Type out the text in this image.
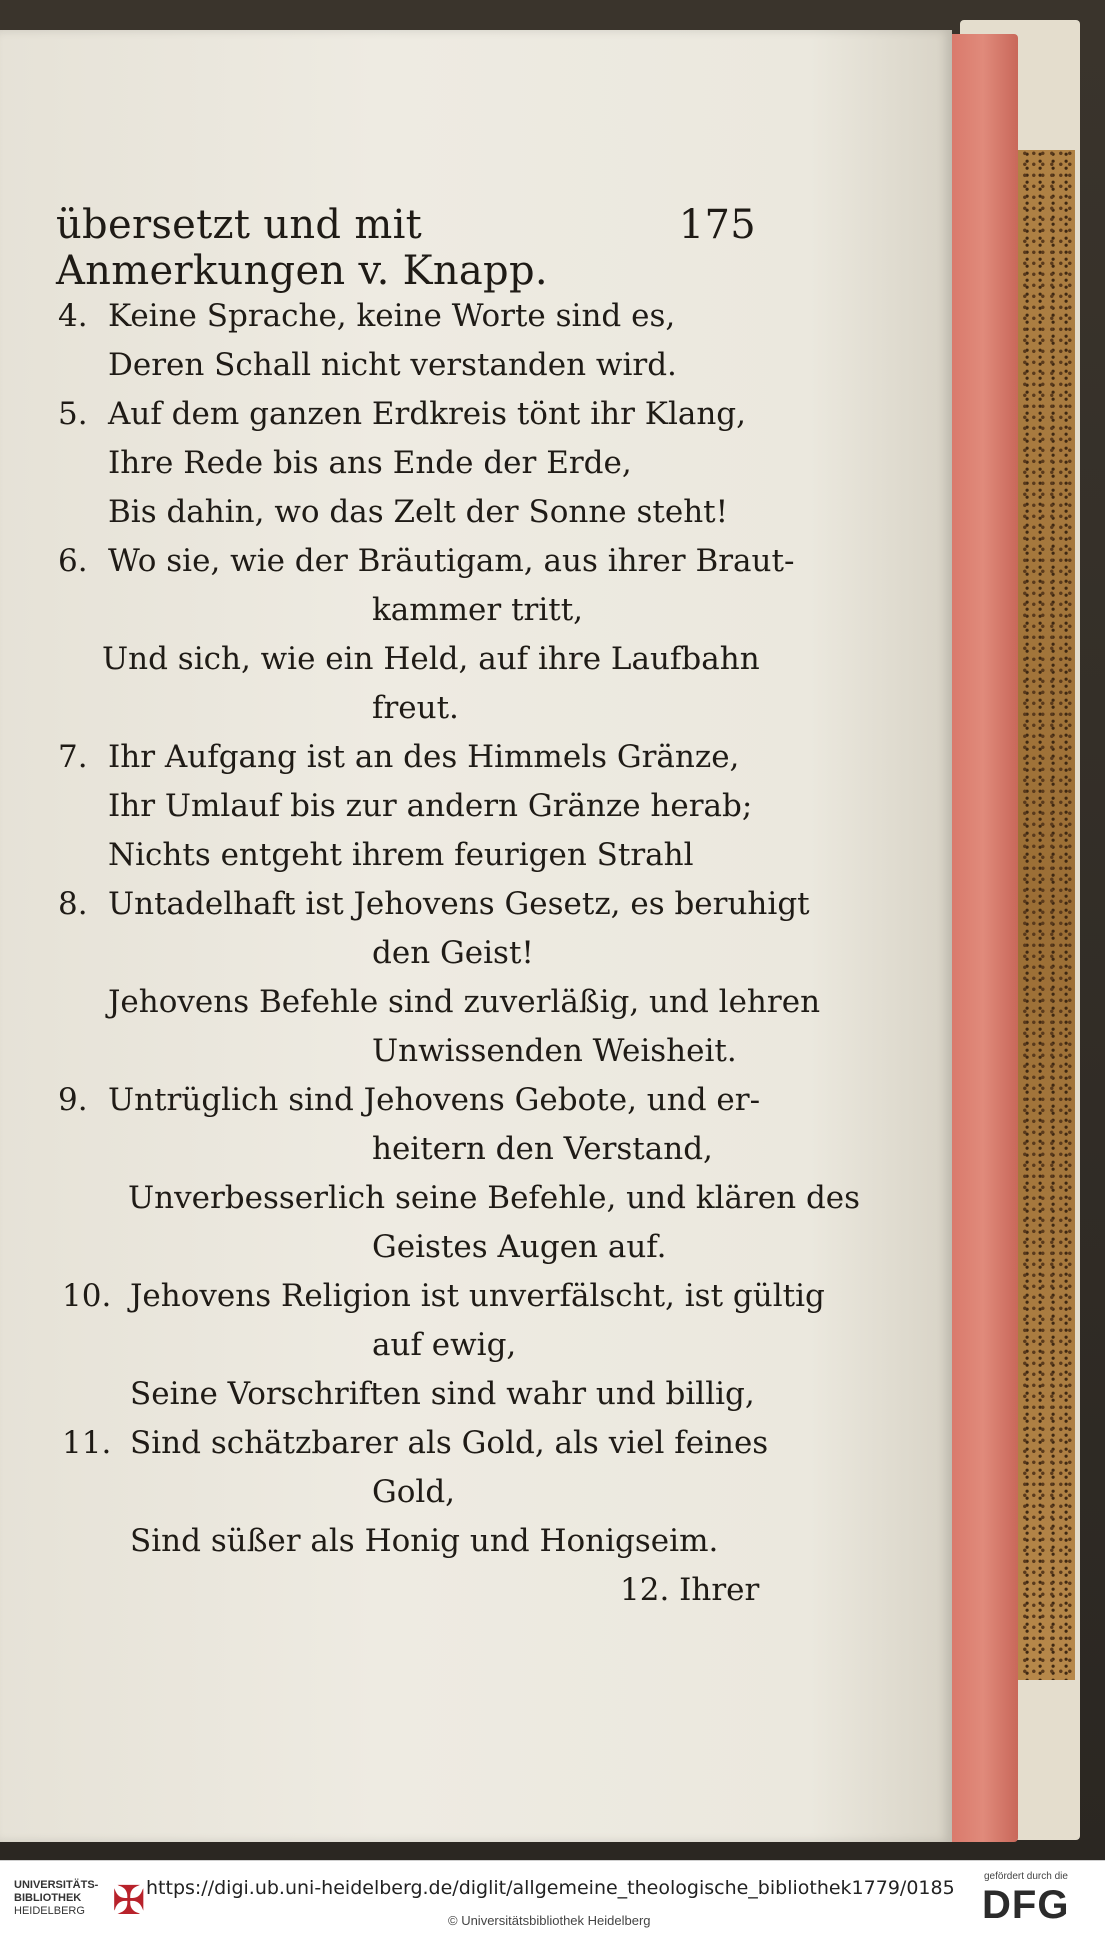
übersetzt und mit Anmerkungen v. Knapp.
175
4. Keine Sprache, keine Worte sind es,
Deren Schall nicht verstanden wird.
5. Auf dem ganzen Erdkreis tönt ihr Klang,
Ihre Rede bis ans Ende der Erde,
Bis dahin, wo das Zelt der Sonne steht!
6. Wo sie, wie der Bräutigam, aus ihrer Braut-
kammer tritt,
Und sich, wie ein Held, auf ihre Laufbahn
freut.
7. Ihr Aufgang ist an des Himmels Gränze,
Ihr Umlauf bis zur andern Gränze herab;
Nichts entgeht ihrem feurigen Strahl
8. Untadelhaft ist Jehovens Gesetz, es beruhigt
den Geist!
Jehovens Befehle sind zuverläßig, und lehren
Unwissenden Weisheit.
9. Untrüglich sind Jehovens Gebote, und er-
heitern den Verstand,
Unverbesserlich seine Befehle, und klären des
Geistes Augen auf.
10. Jehovens Religion ist unverfälscht, ist gültig
auf ewig,
Seine Vorschriften sind wahr und billig,
11. Sind schätzbarer als Gold, als viel feines
Gold,
Sind süßer als Honig und Honigseim.
12. Ihrer
UNIVERSITÄTS-
BIBLIOTHEK
HEIDELBERG ✠ https://digi.ub.uni-heidelberg.de/diglit/allgemeine_theologische_bibliothek1779/0185
© Universitätsbibliothek Heidelberg
gefördert durch die
DFG
